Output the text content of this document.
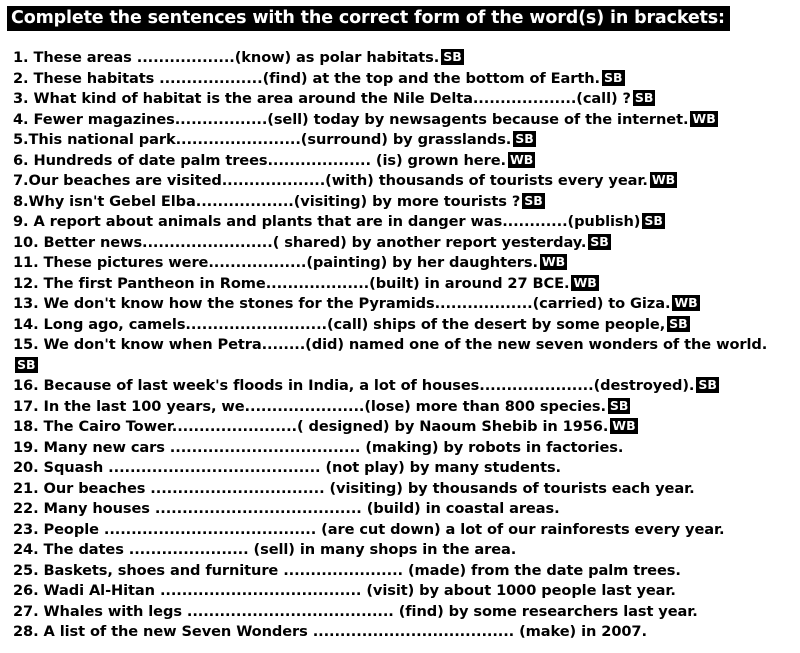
Complete the sentences with the correct form of the word(s) in brackets:
1. These areas ..................(know) as polar habitats. SB
2. These habitats ...................(find) at the top and the bottom of Earth. SB
3. What kind of habitat is the area around the Nile Delta...................(call) ? SB
4. Fewer magazines.................(sell) today by newsagents because of the internet. WB
5.This national park.......................(surround) by grasslands. SB
6. Hundreds of date palm trees................... (is) grown here. WB
7.Our beaches are visited...................(with) thousands of tourists every year. WB
8.Why isn't Gebel Elba..................(visiting) by more tourists ? SB
9. A report about animals and plants that are in danger was............(publish) SB
10. Better news........................( shared) by another report yesterday. SB
11. These pictures were..................(painting) by her daughters. WB
12. The first Pantheon in Rome...................(built) in around 27 BCE. WB
13. We don't know how the stones for the Pyramids..................(carried) to Giza. WB
14. Long ago, camels..........................(call) ships of the desert by some people, SB
15. We don't know when Petra........(did) named one of the new seven wonders of the world.SB
16. Because of last week's floods in India, a lot of houses.....................(destroyed). SB
17. In the last 100 years, we......................(lose) more than 800 species. SB
18. The Cairo Tower.......................( designed) by Naoum Shebib in 1956. WB
19. Many new cars ................................... (making) by robots in factories.
20. Squash ....................................... (not play) by many students.
21. Our beaches ................................ (visiting) by thousands of tourists each year.
22. Many houses ...................................... (build) in coastal areas.
23. People ....................................... (are cut down) a lot of our rainforests every year.
24. The dates ...................... (sell) in many shops in the area.
25. Baskets, shoes and furniture ...................... (made) from the date palm trees.
26. Wadi Al-Hitan ..................................... (visit) by about 1000 people last year.
27. Whales with legs ...................................... (find) by some researchers last year.
28. A list of the new Seven Wonders ..................................... (make) in 2007.
